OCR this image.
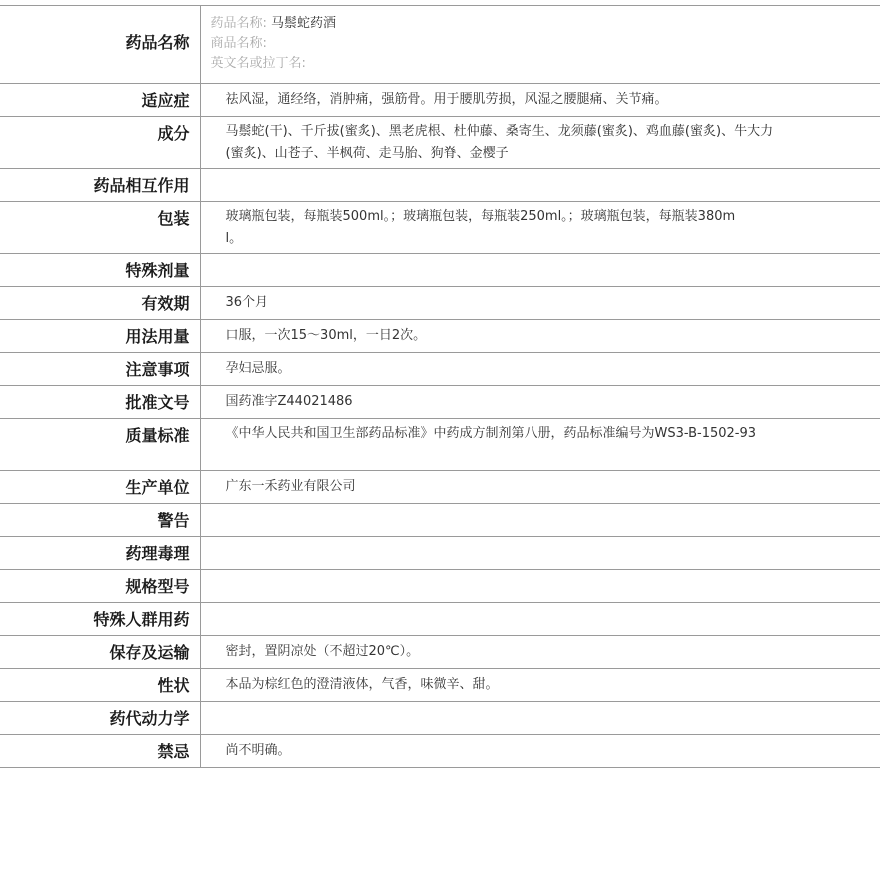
药品名称	药品名称: 马鬃蛇药酒
商品名称:
英文名或拉丁名:

适应症	祛风湿，通经络，消肿痛，强筋骨。用于腰肌劳损，风湿之腰腿痛、关节痛。

成分	马鬃蛇(干)、千斤拔(蜜炙)、黑老虎根、杜仲藤、桑寄生、龙须藤(蜜炙)、鸡血藤(蜜炙)、牛大力(蜜炙)、山苍子、半枫荷、走马胎、狗脊、金樱子

药品相互作用	
包装	玻璃瓶包装，每瓶装500ml。；玻璃瓶包装，每瓶装250ml。；玻璃瓶包装，每瓶装380ml。

特殊剂量	
有效期	36个月
用法用量	口服，一次15～30ml，一日2次。
注意事项	孕妇忌服。
批准文号	国药准字Z44021486
质量标准	《中华人民共和国卫生部药品标准》中药成方制剂第八册，药品标准编号为WS3-B-1502-93

生产单位	广东一禾药业有限公司
警告	
药理毒理	
规格型号	
特殊人群用药	
保存及运输	密封，置阴凉处（不超过20℃）。
性状	本品为棕红色的澄清液体，气香，味微辛、甜。
药代动力学	
禁忌	尚不明确。
